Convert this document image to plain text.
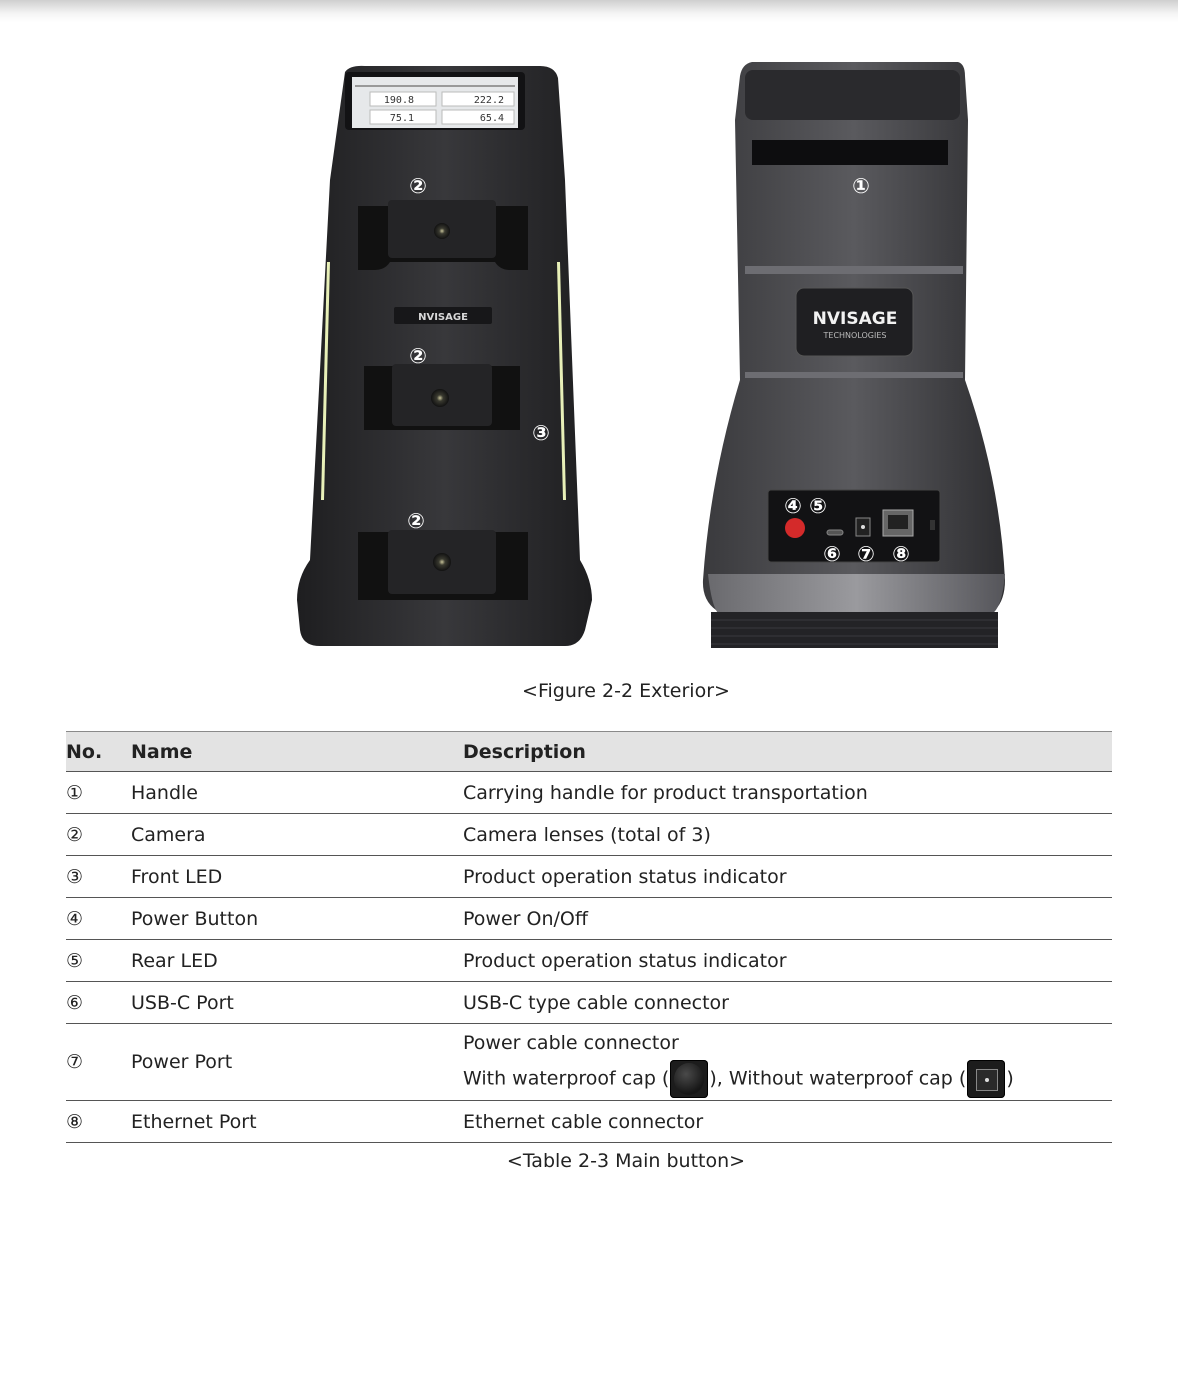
190.8	222.2
75.1	65.4
NVISAGE	NVISAGE
TECHNOLOGIES
①
②
②
②
③
④ ⑤
⑥ ⑦ ⑧
<Figure 2-2 Exterior>
No.	Name	Description
①	Handle	Carrying handle for product transportation
②	Camera	Camera lenses (total of 3)
③	Front LED	Product operation status indicator
④	Power Button	Power On/Off
⑤	Rear LED	Product operation status indicator
⑥	USB-C Port	USB-C type cable connector
⑦	Power Port	Power cable connector
With waterproof cap ( ), Without waterproof cap ( )

⑧	Ethernet Port	Ethernet cable connector
<Table 2-3 Main button>
